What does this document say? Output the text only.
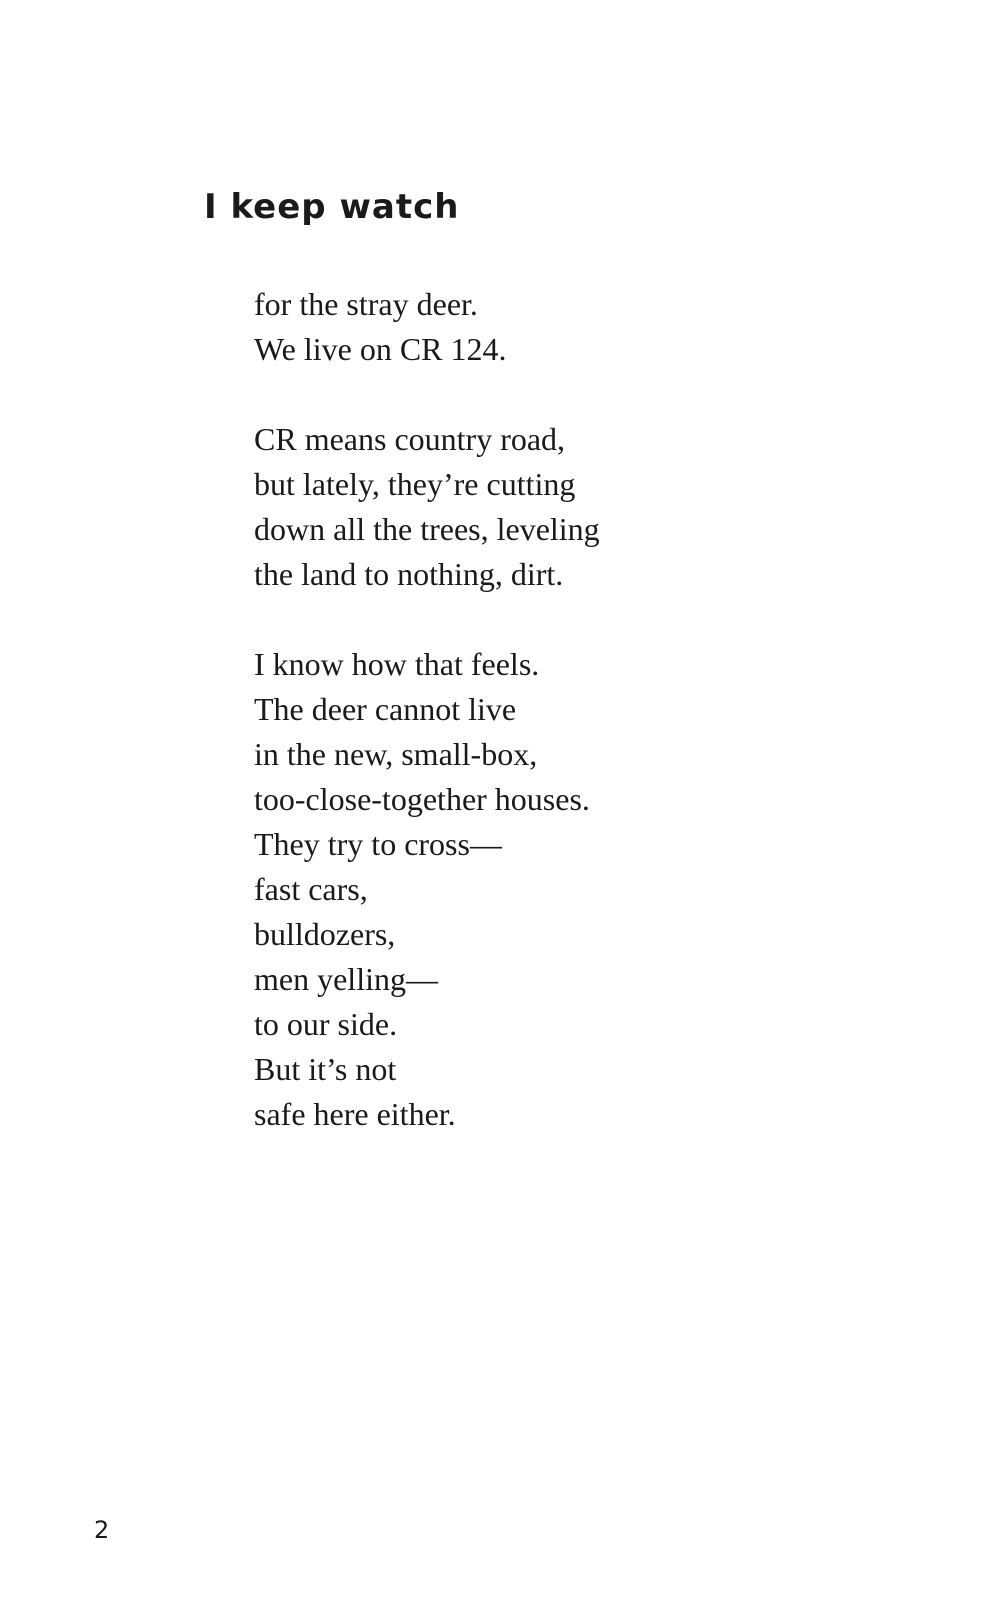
I keep watch
for the stray deer.
We live on CR 124.
CR means country road,
but lately, they’re cutting
down all the trees, leveling
the land to nothing, dirt.
I know how that feels.
The deer cannot live
in the new, small-box,
too-close-together houses.
They try to cross—
fast cars,
bulldozers,
men yelling—
to our side.
But it’s not
safe here either.
2
